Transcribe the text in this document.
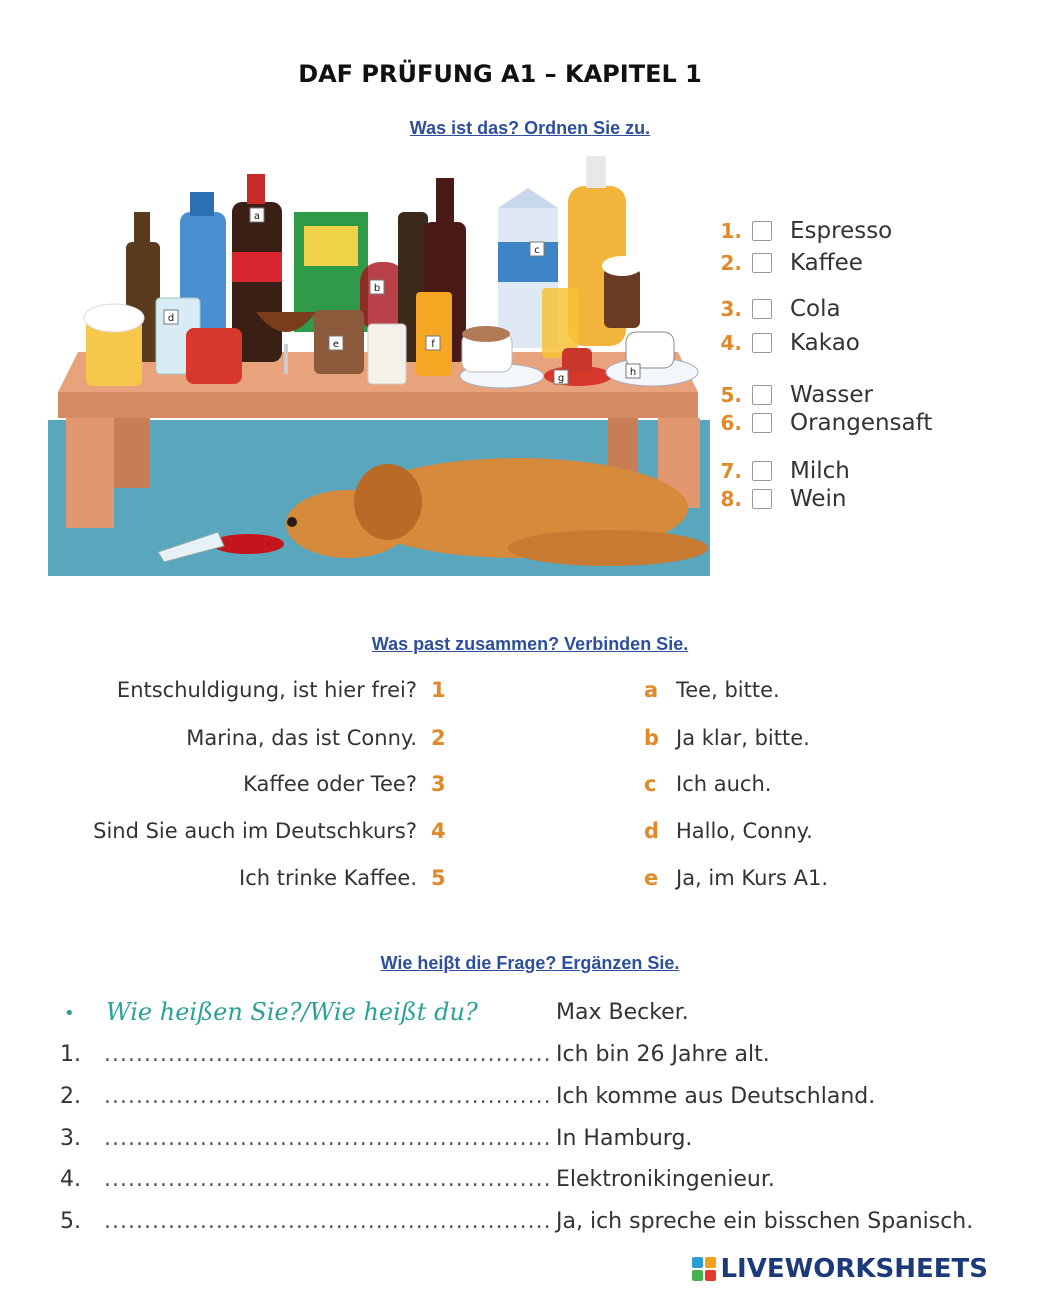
DAF PRÜFUNG A1 – KAPITEL 1
Was ist das? Ordnen Sie zu.
a
b
c
d
e	f
g
h
1. Espresso
2. Kaffee
3. Cola
4. Kakao
5. Wasser
6. Orangensaft
7. Milch
8. Wein
Was past zusammen? Verbinden Sie.
Entschuldigung, ist hier frei? 1
Marina, das ist Conny. 2
Kaffee oder Tee? 3
Sind Sie auch im Deutschkurs? 4
Ich trinke Kaffee. 5
a Tee, bitte.
b Ja klar, bitte.
c Ich auch.
d Hallo, Conny.
e Ja, im Kurs A1.
Wie heiβt die Frage? Ergänzen Sie.
• Wie heißen Sie?/Wie heißt du?	Max Becker.
1.	........................................................ Ich bin 26 Jahre alt.
2.	........................................................ Ich komme aus Deutschland.
3.	........................................................ In Hamburg.
4.	........................................................ Elektronikingenieur.
5.	........................................................ Ja, ich spreche ein bisschen Spanisch.
LIVEWORKSHEETS
